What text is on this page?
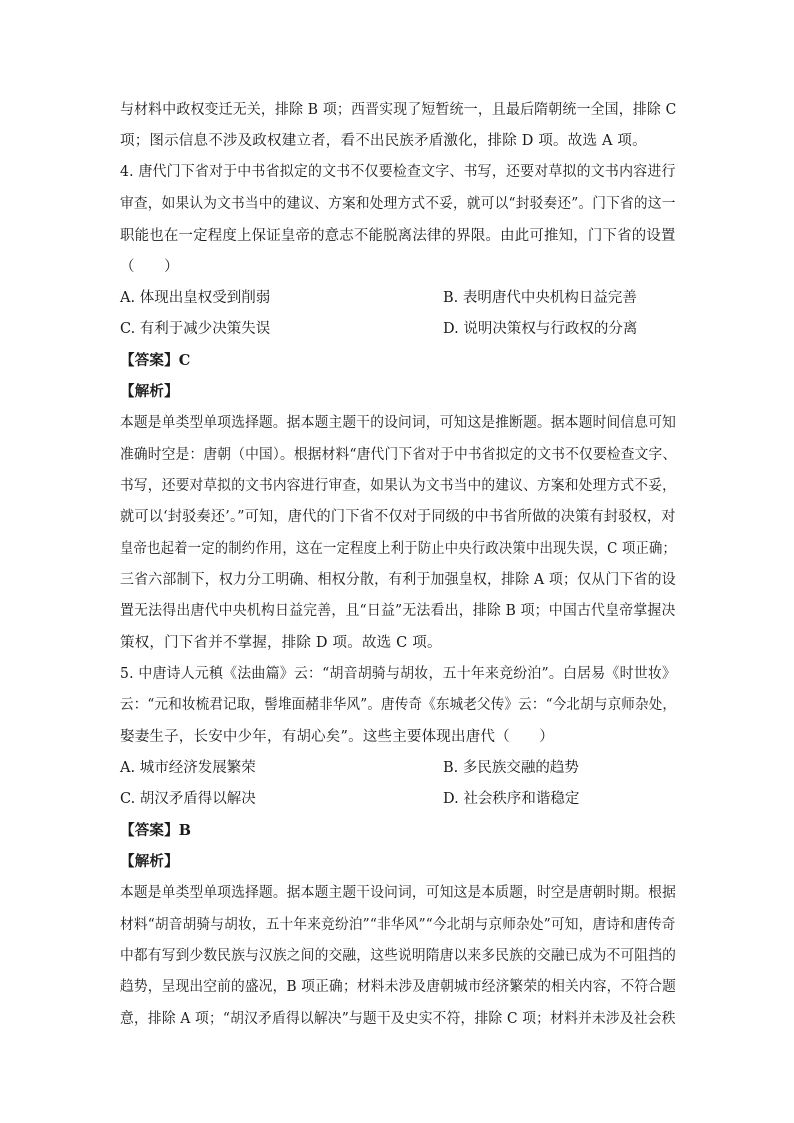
与材料中政权变迁无关，排除 B 项；西晋实现了短暂统一，且最后隋朝统一全国，排除 C
项；图示信息不涉及政权建立者，看不出民族矛盾激化，排除 D 项。故选 A 项。
4. 唐代门下省对于中书省拟定的文书不仅要检查文字、书写，还要对草拟的文书内容进行
审查，如果认为文书当中的建议、方案和处理方式不妥，就可以“封驳奏还”。门下省的这一
职能也在一定程度上保证皇帝的意志不能脱离法律的界限。由此可推知，门下省的设置
（　　）
A. 体现出皇权受到削弱	B. 表明唐代中央机构日益完善
C. 有利于减少决策失误	D. 说明决策权与行政权的分离
【答案】C
【解析】
本题是单类型单项选择题。据本题主题干的设问词，可知这是推断题。据本题时间信息可知
准确时空是：唐朝（中国）。根据材料“唐代门下省对于中书省拟定的文书不仅要检查文字、
书写，还要对草拟的文书内容进行审查，如果认为文书当中的建议、方案和处理方式不妥，
就可以‘封驳奏还’。”可知，唐代的门下省不仅对于同级的中书省所做的决策有封驳权，对
皇帝也起着一定的制约作用，这在一定程度上利于防止中央行政决策中出现失误，C 项正确；
三省六部制下，权力分工明确、相权分散，有利于加强皇权，排除 A 项；仅从门下省的设
置无法得出唐代中央机构日益完善，且“日益”无法看出，排除 B 项；中国古代皇帝掌握决
策权，门下省并不掌握，排除 D 项。故选 C 项。
5. 中唐诗人元稹《法曲篇》云：“胡音胡骑与胡妆，五十年来竞纷泊”。白居易《时世妆》
云：“元和妆梳君记取，髻堆面赭非华风”。唐传奇《东城老父传》云：“今北胡与京师杂处，
娶妻生子，长安中少年，有胡心矣”。这些主要体现出唐代（　　）
A. 城市经济发展繁荣	B. 多民族交融的趋势
C. 胡汉矛盾得以解决	D. 社会秩序和谐稳定
【答案】B
【解析】
本题是单类型单项选择题。据本题主题干设问词，可知这是本质题，时空是唐朝时期。根据
材料“胡音胡骑与胡妆，五十年来竞纷泊”“非华风”“今北胡与京师杂处”可知，唐诗和唐传奇
中都有写到少数民族与汉族之间的交融，这些说明隋唐以来多民族的交融已成为不可阻挡的
趋势，呈现出空前的盛况，B 项正确；材料未涉及唐朝城市经济繁荣的相关内容，不符合题
意，排除 A 项；“胡汉矛盾得以解决”与题干及史实不符，排除 C 项；材料并未涉及社会秩
